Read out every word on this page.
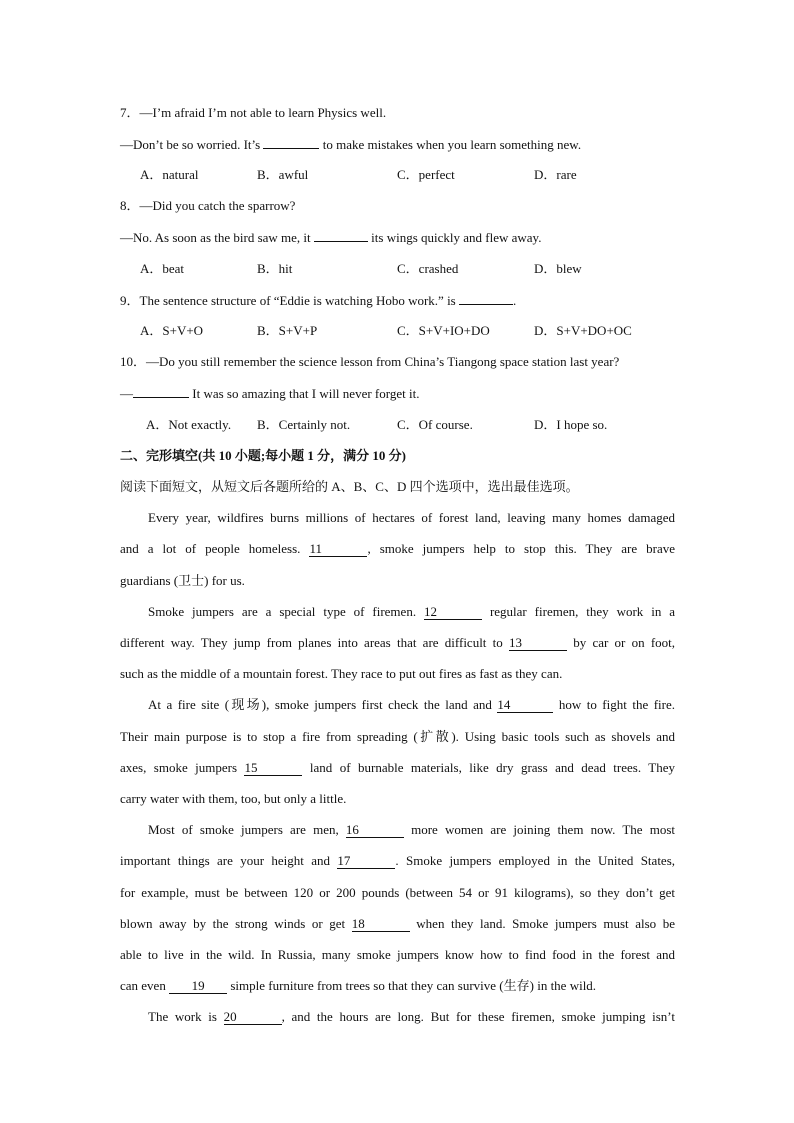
7．—I’m afraid I’m not able to learn Physics well.
—Don’t be so worried. It’s	to make mistakes when you learn something new.
A．natural	B．awful	C．perfect	D．rare
8．—Did you catch the sparrow?
—No. As soon as the bird saw me, it	its wings quickly and flew away.
A．beat	B．hit	C．crashed	D．blew
9．The sentence structure of “Eddie is watching Hobo work.” is	.
A．S+V+O	B．S+V+P	C．S+V+IO+DO	D．S+V+DO+OC
10．—Do you still remember the science lesson from China’s Tiangong space station last year?
—	It was so amazing that I will never forget it.
A．Not exactly. B．Certainly not.	C．Of course.	D．I hope so.
二、完形填空(共 10 小题;每小题 1 分，满分 10 分)
阅读下面短文，从短文后各题所给的 A、B、C、D 四个选项中，选出最佳选项。
Every year, wildfires burns millions of hectares of forest land, leaving many homes damaged
and a lot of people homeless. 11	, smoke jumpers help to stop this. They are brave
guardians (卫士) for us.
Smoke jumpers are a special type of firemen. 12	regular firemen, they work in a
different way. They jump from planes into areas that are difficult to 13	by car or on foot,
such as the middle of a mountain forest. They race to put out fires as fast as they can.
At a fire site (现场), smoke jumpers first check the land and 14	how to fight the fire.
Their main purpose is to stop a fire from spreading (扩散). Using basic tools such as shovels and
axes, smoke jumpers 15	land of burnable materials, like dry grass and dead trees. They
carry water with them, too, but only a little.
Most of smoke jumpers are men, 16	more women are joining them now. The most
important things are your height and 17	. Smoke jumpers employed in the United States,
for example, must be between 120 or 200 pounds (between 54 or 91 kilograms), so they don’t get
blown away by the strong winds or get 18	when they land. Smoke jumpers must also be
able to live in the wild. In Russia, many smoke jumpers know how to find food in the forest and
can even 19 simple furniture from trees so that they can survive (生存) in the wild.
The work is 20	, and the hours are long. But for these firemen, smoke jumping isn’t
